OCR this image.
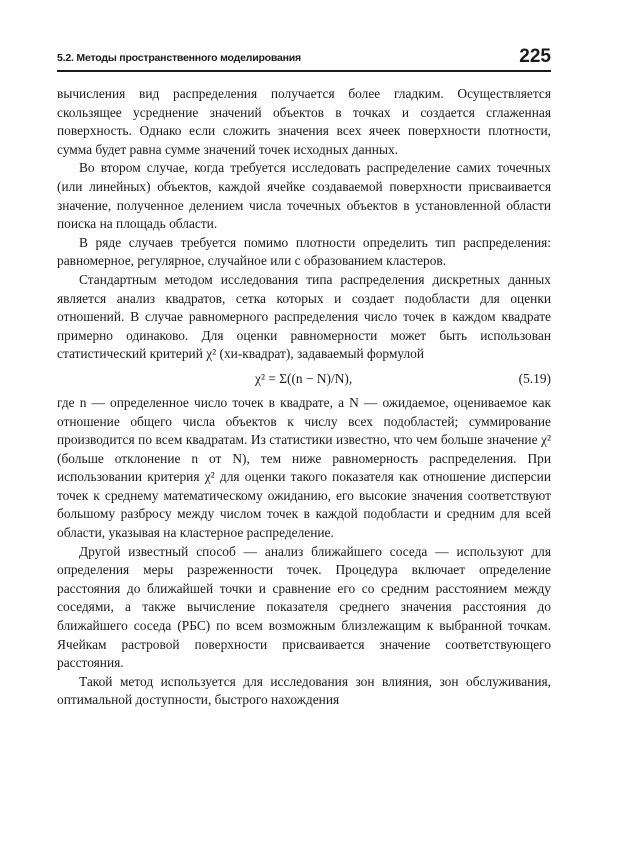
5.2. Методы пространственного моделирования	225

вычисления вид распределения получается более гладким. Осуществляется скользящее усреднение значений объектов в точках и создается сглаженная поверхность. Однако если сложить значения всех ячеек поверхности плотности, сумма будет равна сумме значений точек исходных данных.

Во втором случае, когда требуется исследовать распределение самих точечных (или линейных) объектов, каждой ячейке создаваемой поверхности присваивается значение, полученное делением числа точечных объектов в установленной области поиска на площадь области.

В ряде случаев требуется помимо плотности определить тип распределения: равномерное, регулярное, случайное или с образованием кластеров.

Стандартным методом исследования типа распределения дискретных данных является анализ квадратов, сетка которых и создает подобласти для оценки отношений. В случае равномерного распределения число точек в каждом квадрате примерно одинаково. Для оценки равномерности может быть использован статистический критерий χ² (хи-квадрат), задаваемый формулой

χ² = Σ((n − N)/N),	(5.19)

где n — определенное число точек в квадрате, а N — ожидаемое, оцениваемое как отношение общего числа объектов к числу всех подобластей; суммирование производится по всем квадратам. Из статистики известно, что чем больше значение χ² (больше отклонение n от N), тем ниже равномерность распределения. При использовании критерия χ² для оценки такого показателя как отношение дисперсии точек к среднему математическому ожиданию, его высокие значения соответствуют большому разбросу между числом точек в каждой подобласти и средним для всей области, указывая на кластерное распределение.

Другой известный способ — анализ ближайшего соседа — используют для определения меры разреженности точек. Процедура включает определение расстояния до ближайшей точки и сравнение его со средним расстоянием между соседями, а также вычисление показателя среднего значения расстояния до ближайшего соседа (РБС) по всем возможным близлежащим к выбранной точкам. Ячейкам растровой поверхности присваивается значение соответствующего расстояния.

Такой метод используется для исследования зон влияния, зон обслуживания, оптимальной доступности, быстрого нахождения
